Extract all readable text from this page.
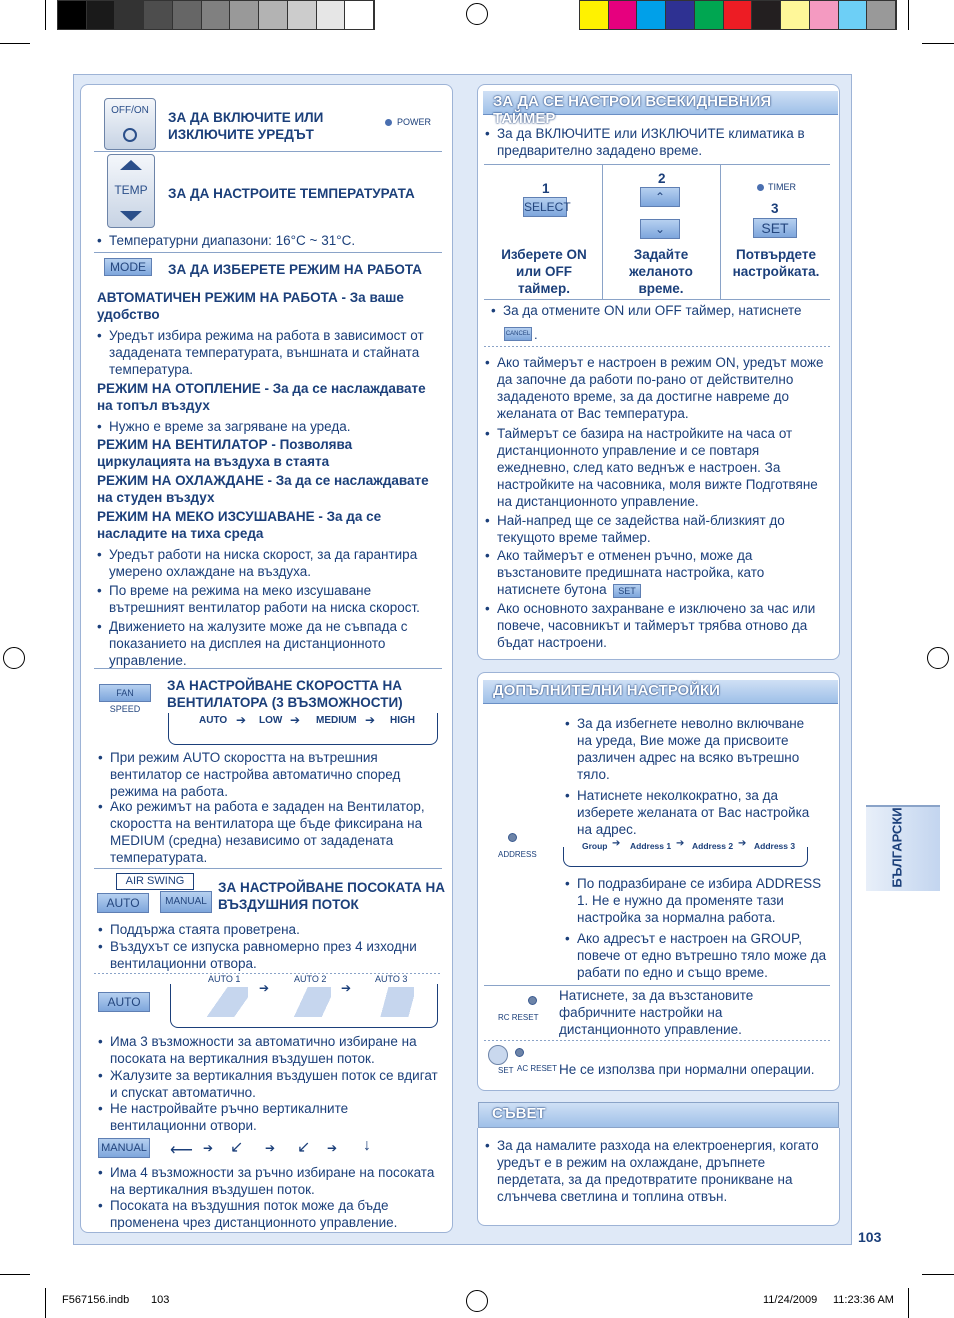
OFF/ON	ЗА ДА ВКЛЮЧИТЕ ИЛИ ИЗКЛЮЧИТЕ УРЕДЪТ
POWER
TEMP	ЗА ДА НАСТРОИТЕ ТЕМПЕРАТУРАТА
• Температурни диапазони: 16°C ~ 31°C.
MODE	ЗА ДА ИЗБЕРЕТЕ РЕЖИМ НА РАБОТА
АВТОМАТИЧЕН РЕЖИМ НА РАБОТА - За ваше удобство
• Уредът избира режима на работа в зависимост от зададената температурата, външната и стайната температура.
РЕЖИМ НА ОТОПЛЕНИЕ - За да се наслаждавате на топъл въздух
• Нужно е време за загряване на уреда.
РЕЖИМ НА ВЕНТИЛАТОР - Позволява циркулацията на въздуха в стаята
РЕЖИМ НА ОХЛАЖДАНЕ - За да се наслаждавате на студен въздух
РЕЖИМ НА МЕКО ИЗСУШАВАНЕ - За да се насладите на тиха среда
• Уредът работи на ниска скорост, за да гарантира умерено охлаждане на въздуха.
• По време на режима на меко изсушаване вътрешният вентилатор работи на ниска скорост.
• Движението на жалузите може да не съвпада с показанието на дисплея на дистанционното управление.
FAN SPEED
ЗА НАСТРОЙВАНЕ СКОРОСТТА НА ВЕНТИЛАТОРА (3 ВЪЗМОЖНОСТИ)
AUTO ➔ LOW ➔ MEDIUM ➔ HIGH
• При режим AUTO скоростта на вътрешния вентилатор се настройва автоматично според режима на работа.
• Ако режимът на работа е зададен на Вентилатор, скоростта на вентилатора ще бъде фиксирана на MEDIUM (средна) независимо от зададената температурата.
AIR SWING
AUTO	MANUAL
ЗА НАСТРОЙВАНЕ ПОСОКАТА НА ВЪЗДУШНИЯ ПОТОК
• Поддържа стаята проветрена.
• Въздухът се изпуска равномерно през 4 изходни вентилационни отвора.
AUTO
AUTO 1	AUTO 2	AUTO 3
➔	➔
• Има 3 възможности за автоматично избиране на посоката на вертикалния въздушен поток.
• Жалузите за вертикалния въздушен поток се вдигат и спускат автоматично.
• Не настройвайте ръчно вертикалните вентилационни отвори.
MANUAL ⟵ ➔ ↙ ➔ ↙ ➔ ↓
• Има 4 възможности за ръчно избиране на посоката на вертикалния въздушен поток.
• Посоката на въздушния поток може да бъде променена чрез дистанционното управление.
ЗА ДА СЕ НАСТРОИ ВСЕКИДНЕВНИЯ ТАЙМЕР
• За да ВКЛЮЧИТЕ или ИЗКЛЮЧИТЕ климатика в предварително зададено време.
1
SELECT
Изберете ON или OFF таймер.
2
⌃
⌄
Задайте желаното време.
TIMER
3
SET
Потвърдете настройката.
• За да отмените ON или OFF таймер, натиснете
CANCEL .
• Ако таймерът е настроен в режим ON, уредът може да започне да работи по-рано от действително зададеното време, за да достигне навреме до желаната от Вас температура.
• Таймерът се базира на настройките на часа от дистанционното управление и се повтаря ежедневно, след като веднъж е настроен. За настройките на часовника, моля вижте Подготвяне на дистанционното управление.
• Най-напред ще се задейства най-близкият до текущото време таймер.
• Ако таймерът е отменен ръчно, може да възстановите предишната настройка, като натиснете бутона	SET
• Ако основното захранване е изключено за час или повече, часовникът и таймерът трябва отново да бъдат настроени.
ДОПЪЛНИТЕЛНИ НАСТРОЙКИ
ADDRESS
• За да избегнете неволно включване на уреда, Вие може да присвоите различен адрес на всяко вътрешно тяло.
• Натиснете неколкократно, за да изберете желаната от Вас настройка на адрес.
Group ➔ Address 1 ➔ Address 2 ➔ Address 3
• По подразбиране се избира ADDRESS 1. Не е нужно да променяте тази настройка за нормална работа.
• Ако адресът е настроен на GROUP, повече от едно вътрешно тяло може да рабати по едно и също време.
RC RESET
Натиснете, за да възстановите фабричните настройки на дистанционното управление.
SET AC RESET Не се използва при нормални операции.
СЪВЕТ
• За да намалите разхода на електроенергия, когато уредът е в режим на охлаждане, дръпнете пердетата, за да предотвратите проникване на слънчева светлина и топлина отвън.
БЪЛГАРСКИ
103
F567156.indb 103	11/24/2009 11:23:36 AM
